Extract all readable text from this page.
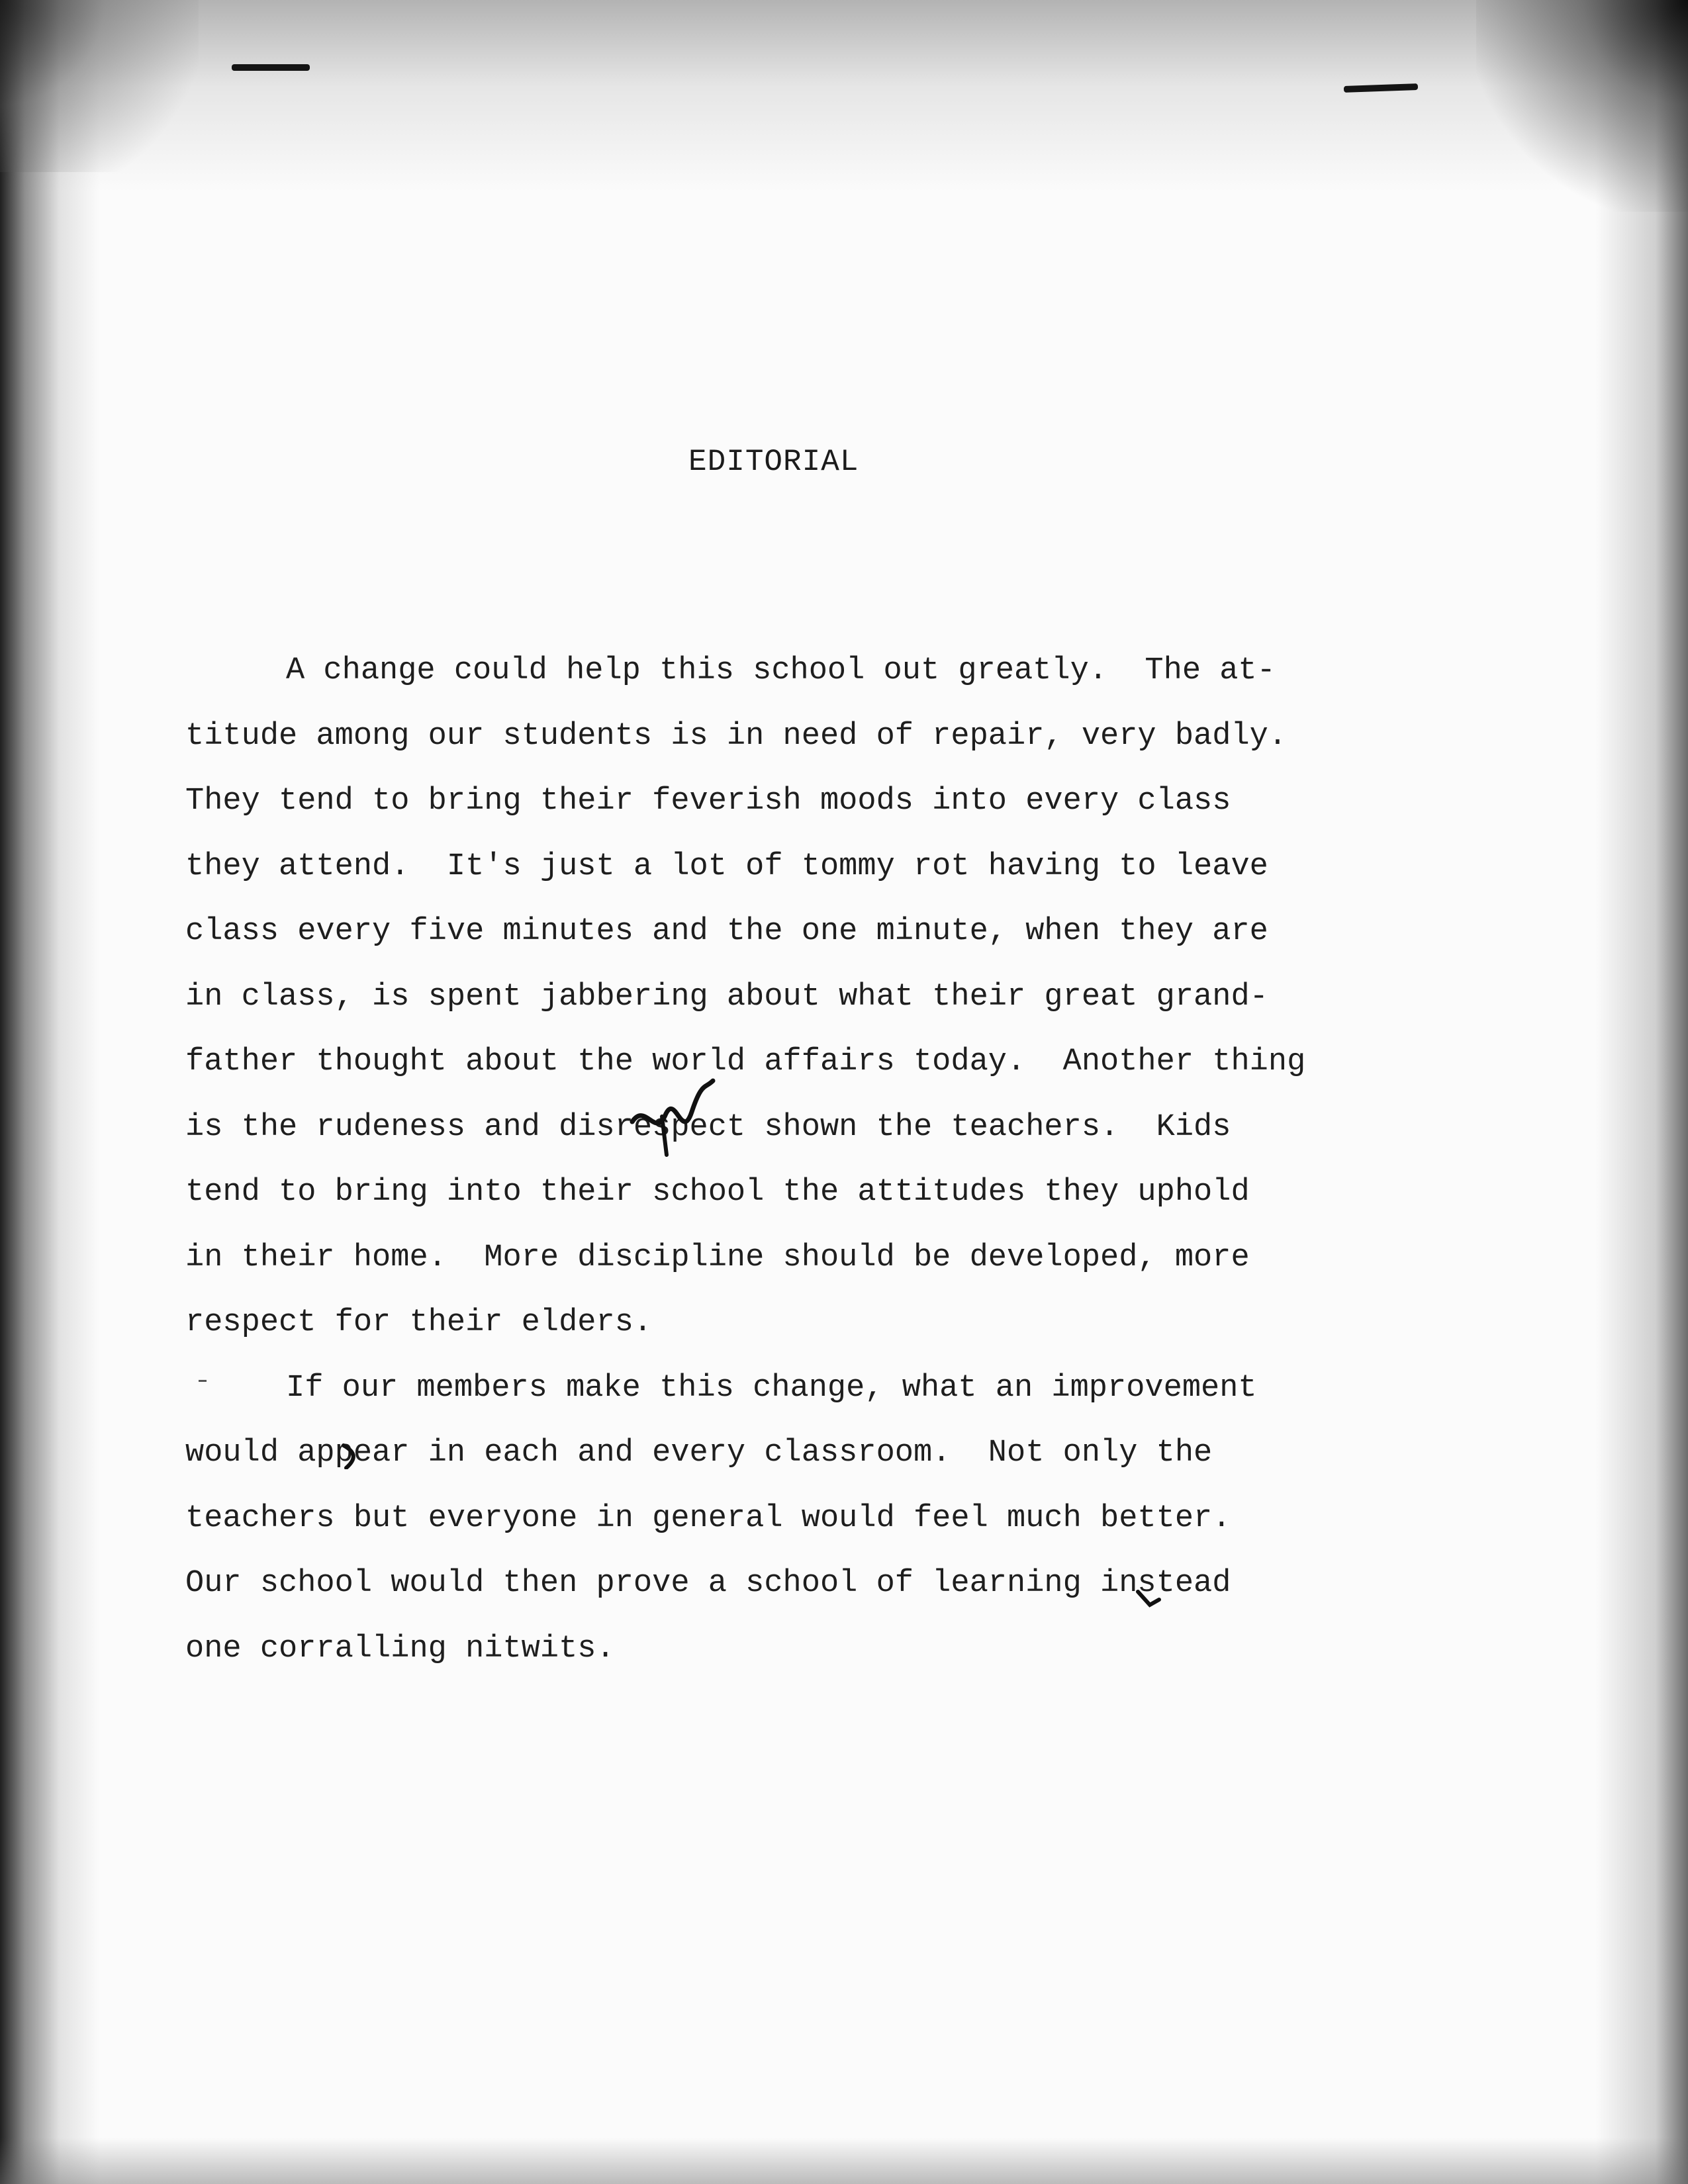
EDITORIAL
A change could help this school out greatly.  The at-
titude among our students is in need of repair, very badly.
They tend to bring their feverish moods into every class
they attend.  It's just a lot of tommy rot having to leave
class every five minutes and the one minute, when they are
in class, is spent jabbering about what their great grand-
father thought about the world affairs today.  Another thing
is the rudeness and disrespect shown the teachers.  Kids
tend to bring into their school the attitudes they uphold
in their home.  More discipline should be developed, more
respect for their elders.
If our members make this change, what an improvement
would appear in each and every classroom.  Not only the
teachers but everyone in general would feel much better.
Our school would then prove a school of learning instead
one corralling nitwits.
